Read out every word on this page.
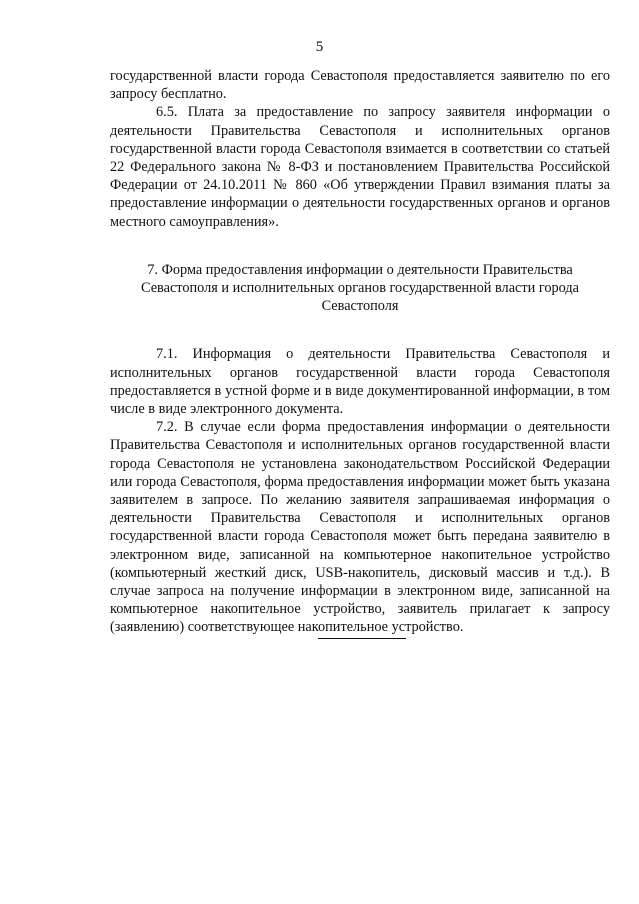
5

государственной власти города Севастополя предоставляется заявителю по его запросу бесплатно.

6.5. Плата за предоставление по запросу заявителя информации о деятельности Правительства Севастополя и исполнительных органов государственной власти города Севастополя взимается в соответствии со статьей 22 Федерального закона № 8-ФЗ и постановлением Правительства Российской Федерации от 24.10.2011 № 860 «Об утверждении Правил взимания платы за предоставление информации о деятельности государственных органов и органов местного самоуправления».

7. Форма предоставления информации о деятельности Правительства Севастополя и исполнительных органов государственной власти города Севастополя

7.1. Информация о деятельности Правительства Севастополя и исполнительных органов государственной власти города Севастополя предоставляется в устной форме и в виде документированной информации, в том числе в виде электронного документа.

7.2. В случае если форма предоставления информации о деятельности Правительства Севастополя и исполнительных органов государственной власти города Севастополя не установлена законодательством Российской Федерации или города Севастополя, форма предоставления информации может быть указана заявителем в запросе. По желанию заявителя запрашиваемая информация о деятельности Правительства Севастополя и исполнительных органов государственной власти города Севастополя может быть передана заявителю в электронном виде, записанной на компьютерное накопительное устройство (компьютерный жесткий диск, USB-накопитель, дисковый массив и т.д.). В случае запроса на получение информации в электронном виде, записанной на компьютерное накопительное устройство, заявитель прилагает к запросу (заявлению) соответствующее накопительное устройство.
